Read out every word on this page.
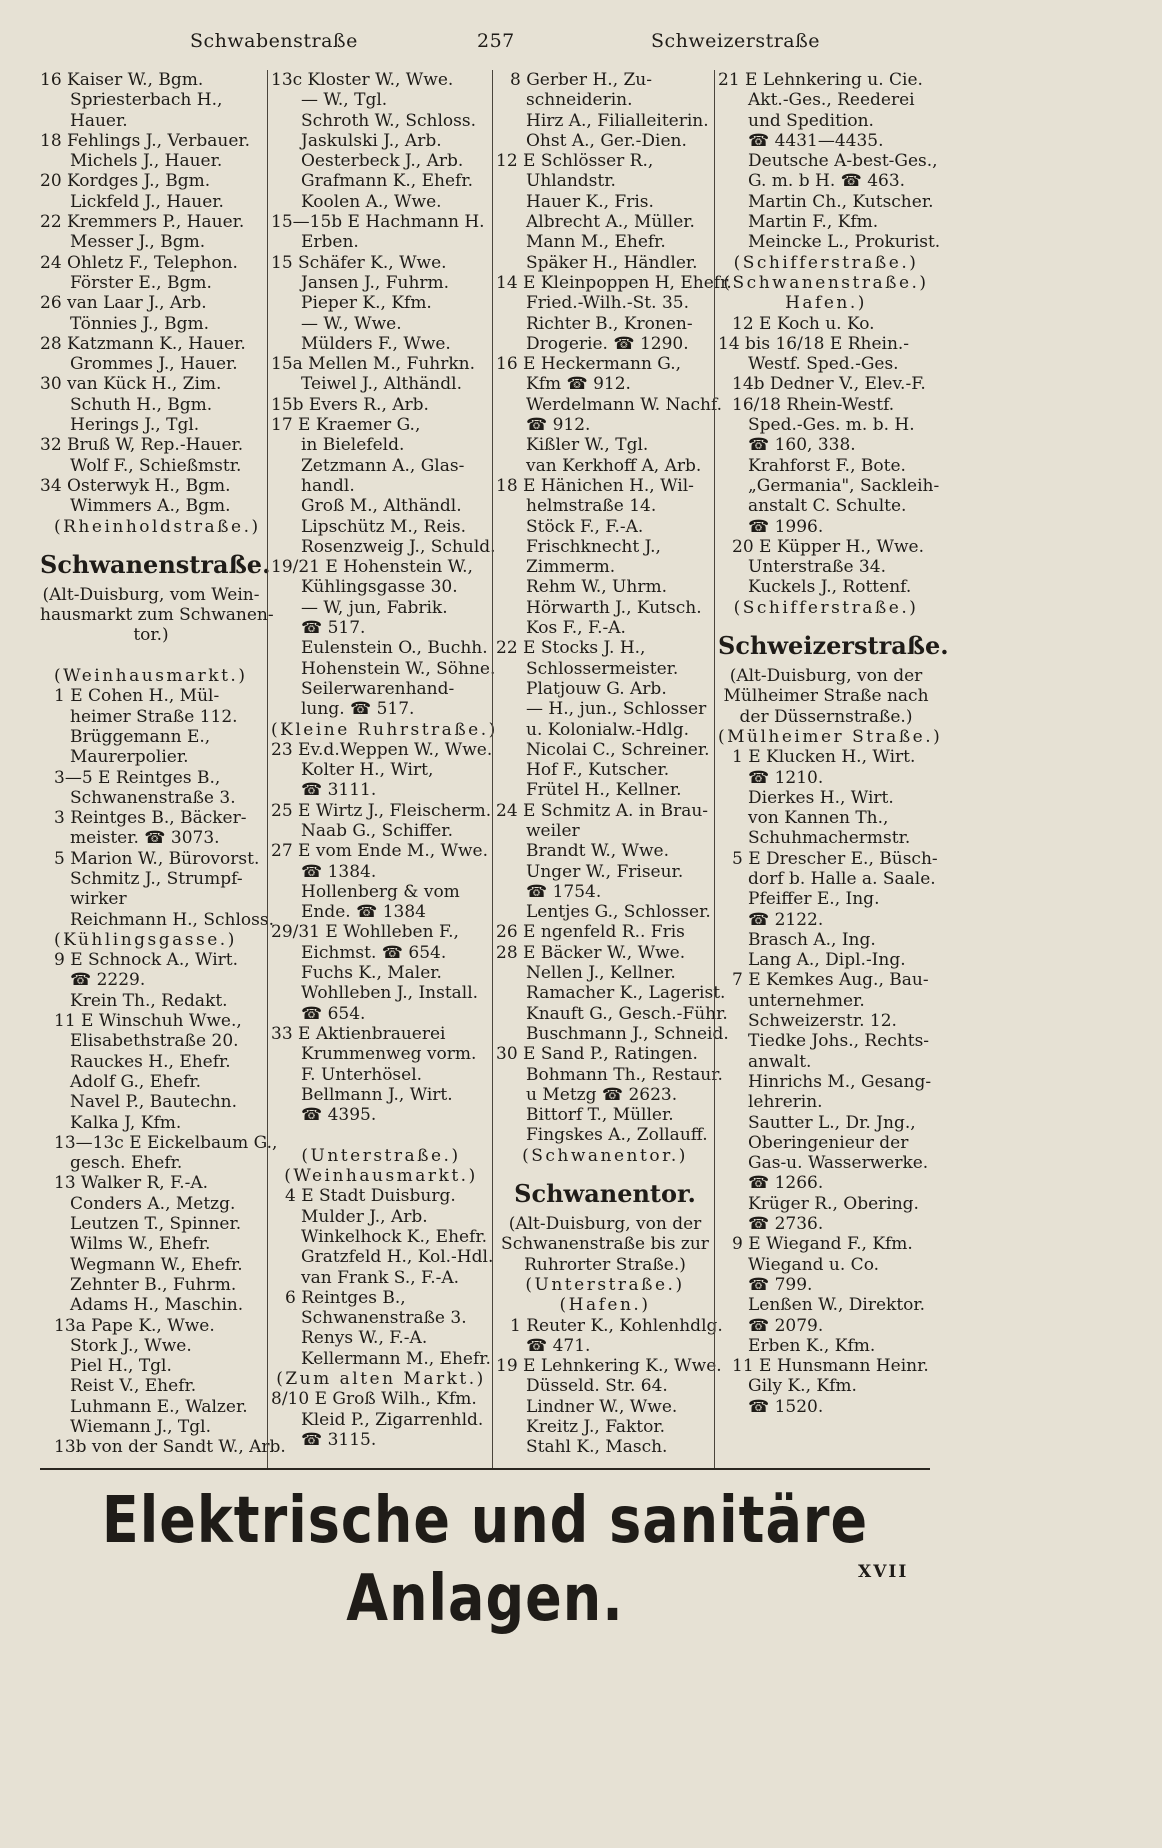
Schwabenstraße	257	Schweizerstraße
16 Kaiser W., Bgm.
Spriesterbach H.,
Hauer.
18 Fehlings J., Verbauer.
Michels J., Hauer.
20 Kordges J., Bgm.
Lickfeld J., Hauer.
22 Kremmers P., Hauer.
Messer J., Bgm.
24 Ohletz F., Telephon.
Förster E., Bgm.
26 van Laar J., Arb.
Tönnies J., Bgm.
28 Katzmann K., Hauer.
Grommes J., Hauer.
30 van Kück H., Zim.
Schuth H., Bgm.
Herings J., Tgl.
32 Bruß W, Rep.-Hauer.
Wolf F., Schießmstr.
34 Osterwyk H., Bgm.
Wimmers A., Bgm.
(Rheinholdstraße.)
Schwanenstraße.
(Alt-Duisburg, vom Wein-
hausmarkt zum Schwanen-
tor.)
(Weinhausmarkt.)
1 E Cohen H., Mül-
heimer Straße 112.
Brüggemann E.,
Maurerpolier.
3—5 E Reintges B.,
Schwanenstraße 3.
3 Reintges B., Bäcker-
meister. ☎ 3073.
5 Marion W., Bürovorst.
Schmitz J., Strumpf-
wirker
Reichmann H., Schloss.
(Kühlingsgasse.)
9 E Schnock A., Wirt.
☎ 2229.
Krein Th., Redakt.
11 E Winschuh Wwe.,
Elisabethstraße 20.
Rauckes H., Ehefr.
Adolf G., Ehefr.
Navel P., Bautechn.
Kalka J, Kfm.
13—13c E Eickelbaum G.,
gesch. Ehefr.
13 Walker R, F.-A.
Conders A., Metzg.
Leutzen T., Spinner.
Wilms W., Ehefr.
Wegmann W., Ehefr.
Zehnter B., Fuhrm.
Adams H., Maschin.
13a Pape K., Wwe.
Stork J., Wwe.
Piel H., Tgl.
Reist V., Ehefr.
Luhmann E., Walzer.
Wiemann J., Tgl.
13b von der Sandt W., Arb.
13c Kloster W., Wwe.
— W., Tgl.
Schroth W., Schloss.
Jaskulski J., Arb.
Oesterbeck J., Arb.
Grafmann K., Ehefr.
Koolen A., Wwe.
15—15b E Hachmann H.
Erben.
15 Schäfer K., Wwe.
Jansen J., Fuhrm.
Pieper K., Kfm.
— W., Wwe.
Mülders F., Wwe.
15a Mellen M., Fuhrkn.
Teiwel J., Althändl.
15b Evers R., Arb.
17 E Kraemer G.,
in Bielefeld.
Zetzmann A., Glas-
handl.
Groß M., Althändl.
Lipschütz M., Reis.
Rosenzweig J., Schuld.
19/21 E Hohenstein W.,
Kühlingsgasse 30.
— W, jun, Fabrik.
☎ 517.
Eulenstein O., Buchh.
Hohenstein W., Söhne.
Seilerwarenhand-
lung. ☎ 517.
(Kleine Ruhrstraße.)
23 Ev.d.Weppen W., Wwe.
Kolter H., Wirt,
☎ 3111.
25 E Wirtz J., Fleischerm.
Naab G., Schiffer.
27 E vom Ende M., Wwe.
☎ 1384.
Hollenberg & vom
Ende. ☎ 1384
29/31 E Wohlleben F.,
Eichmst. ☎ 654.
Fuchs K., Maler.
Wohlleben J., Install.
☎ 654.
33 E Aktienbrauerei
Krummenweg vorm.
F. Unterhösel.
Bellmann J., Wirt.
☎ 4395.
(Unterstraße.)
(Weinhausmarkt.)
4 E Stadt Duisburg.
Mulder J., Arb.
Winkelhock K., Ehefr.
Gratzfeld H., Kol.-Hdl.
van Frank S., F.-A.
6 Reintges B.,
Schwanenstraße 3.
Renys W., F.-A.
Kellermann M., Ehefr.
(Zum alten Markt.)
8/10 E Groß Wilh., Kfm.
Kleid P., Zigarrenhld.
☎ 3115.
8 Gerber H., Zu-
schneiderin.
Hirz A., Filialleiterin.
Ohst A., Ger.-Dien.
12 E Schlösser R.,
Uhlandstr.
Hauer K., Fris.
Albrecht A., Müller.
Mann M., Ehefr.
Späker H., Händler.
14 E Kleinpoppen H, Ehefr.
Fried.-Wilh.-St. 35.
Richter B., Kronen-
Drogerie. ☎ 1290.
16 E Heckermann G.,
Kfm ☎ 912.
Werdelmann W. Nachf.
☎ 912.
Kißler W., Tgl.
van Kerkhoff A, Arb.
18 E Hänichen H., Wil-
helmstraße 14.
Stöck F., F.-A.
Frischknecht J.,
Zimmerm.
Rehm W., Uhrm.
Hörwarth J., Kutsch.
Kos F., F.-A.
22 E Stocks J. H.,
Schlossermeister.
Platjouw G. Arb.
— H., jun., Schlosser
u. Kolonialw.-Hdlg.
Nicolai C., Schreiner.
Hof F., Kutscher.
Frütel H., Kellner.
24 E Schmitz A. in Brau-
weiler
Brandt W., Wwe.
Unger W., Friseur.
☎ 1754.
Lentjes G., Schlosser.
26 E ngenfeld R.. Fris
28 E Bäcker W., Wwe.
Nellen J., Kellner.
Ramacher K., Lagerist.
Knauft G., Gesch.-Führ.
Buschmann J., Schneid.
30 E Sand P., Ratingen.
Bohmann Th., Restaur.
u Metzg ☎ 2623.
Bittorf T., Müller.
Fingskes A., Zollauff.
(Schwanentor.)
Schwanentor.
(Alt-Duisburg, von der
Schwanenstraße bis zur
Ruhrorter Straße.)
(Unterstraße.)
(Hafen.)
1 Reuter K., Kohlenhdlg.
☎ 471.
19 E Lehnkering K., Wwe.
Düsseld. Str. 64.
Lindner W., Wwe.
Kreitz J., Faktor.
Stahl K., Masch.
21 E Lehnkering u. Cie.
Akt.-Ges., Reederei
und Spedition.
☎ 4431—4435.
Deutsche A-best-Ges.,
G. m. b H. ☎ 463.
Martin Ch., Kutscher.
Martin F., Kfm.
Meincke L., Prokurist.
(Schifferstraße.)
(Schwanenstraße.)
Hafen.)
12 E Koch u. Ko.
14 bis 16/18 E Rhein.-
Westf. Sped.-Ges.
14b Dedner V., Elev.-F.
16/18 Rhein-Westf.
Sped.-Ges. m. b. H.
☎ 160, 338.
Krahforst F., Bote.
„Germania", Sackleih-
anstalt C. Schulte.
☎ 1996.
20 E Küpper H., Wwe.
Unterstraße 34.
Kuckels J., Rottenf.
(Schifferstraße.)
Schweizerstraße.
(Alt-Duisburg, von der
Mülheimer Straße nach
der Düssernstraße.)
(Mülheimer Straße.)
1 E Klucken H., Wirt.
☎ 1210.
Dierkes H., Wirt.
von Kannen Th.,
Schuhmachermstr.
5 E Drescher E., Büsch-
dorf b. Halle a. Saale.
Pfeiffer E., Ing.
☎ 2122.
Brasch A., Ing.
Lang A., Dipl.-Ing.
7 E Kemkes Aug., Bau-
unternehmer.
Schweizerstr. 12.
Tiedke Johs., Rechts-
anwalt.
Hinrichs M., Gesang-
lehrerin.
Sautter L., Dr. Jng.,
Oberingenieur der
Gas-u. Wasserwerke.
☎ 1266.
Krüger R., Obering.
☎ 2736.
9 E Wiegand F., Kfm.
Wiegand u. Co.
☎ 799.
Lenßen W., Direktor.
☎ 2079.
Erben K., Kfm.
11 E Hunsmann Heinr.
Gily K., Kfm.
☎ 1520.
Elektrische und sanitäre Anlagen.	XVII
